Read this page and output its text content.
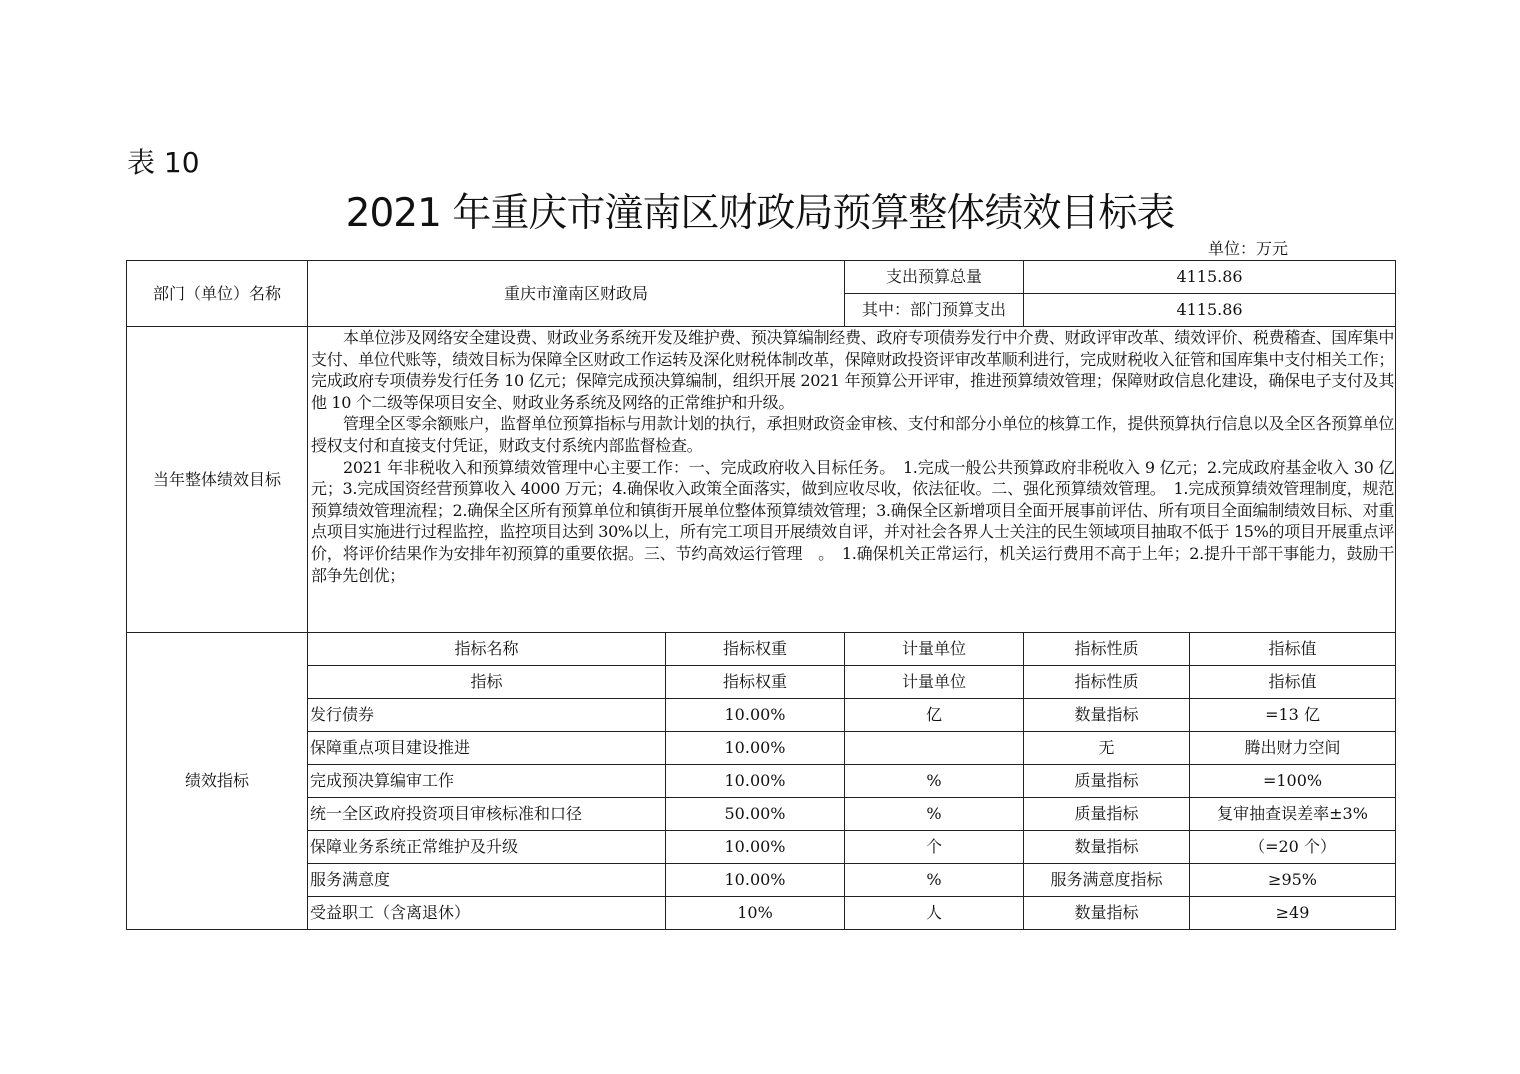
表 10
2021 年重庆市潼南区财政局预算整体绩效目标表
单位：万元
部门（单位）名称	重庆市潼南区财政局		支出预算总量	4115.86	
			其中：部门预算支出	4115.86	
当年整体绩效目标	本单位涉及网络安全建设费、财政业务系统开发及维护费、预决算编制经费、政府专项债券发行中介费、财政评审改革、绩效评价、税费稽查、国库集中支付、单位代账等，绩效目标为保障全区财政工作运转及深化财税体制改革，保障财政投资评审改革顺利进行，完成财税收入征管和国库集中支付相关工作；完成政府专项债券发行任务 10 亿元；保障完成预决算编制，组织开展 2021 年预算公开评审，推进预算绩效管理；保障财政信息化建设，确保电子支付及其他 10 个二级等保项目安全、财政业务系统及网络的正常维护和升级。

管理全区零余额账户，监督单位预算指标与用款计划的执行，承担财政资金审核、支付和部分小单位的核算工作，提供预算执行信息以及全区各预算单位授权支付和直接支付凭证，财政支付系统内部监督检查。

2021 年非税收入和预算绩效管理中心主要工作：一、完成政府收入目标任务。　1.完成一般公共预算政府非税收入 9 亿元；2.完成政府基金收入 30 亿元；3.完成国资经营预算收入 4000 万元；4.确保收入政策全面落实，做到应收尽收，依法征收。二、强化预算绩效管理。　1.完成预算绩效管理制度，规范预算绩效管理流程；2.确保全区所有预算单位和镇街开展单位整体预算绩效管理；3.确保全区新增项目全面开展事前评估、所有项目全面编制绩效目标、对重点项目实施进行过程监控，监控项目达到 30%以上，所有完工项目开展绩效自评，并对社会各界人士关注的民生领域项目抽取不低于 15%的项目开展重点评价，将评价结果作为安排年初预算的重要依据。三、节约高效运行管理　。　1.确保机关正常运行，机关运行费用不高于上年；2.提升干部干事能力，鼓励干部争先创优；				

绩效指标	指标名称	指标权重	计量单位	指标性质	指标值
	指标	指标权重	计量单位	指标性质	指标值
	发行债券	10.00%	亿	数量指标	=13 亿
	保障重点项目建设推进	10.00%		无	腾出财力空间
	完成预决算编审工作	10.00%	%	质量指标	=100%
	统一全区政府投资项目审核标准和口径	50.00%	%	质量指标	复审抽查误差率±3%
	保障业务系统正常维护及升级	10.00%	个	数量指标	（=20 个）
	服务满意度	10.00%	%	服务满意度指标	≥95%
	受益职工（含离退休）	10%	人	数量指标	≥49
